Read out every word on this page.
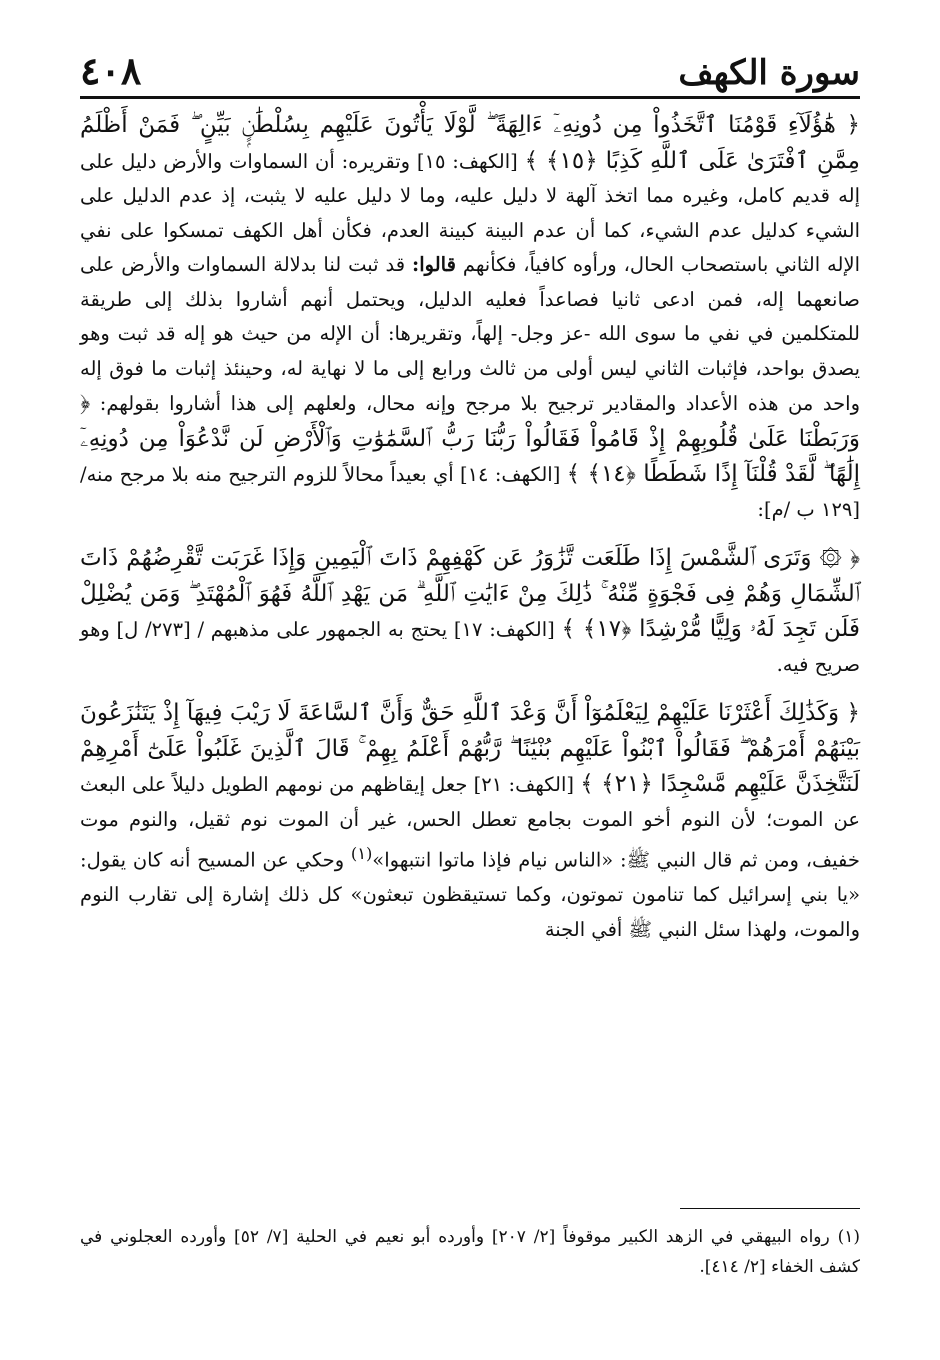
سورة الكهف
٤٠٨

﴿ هَٰؤُلَآءِ قَوْمُنَا ٱتَّخَذُواْ مِن دُونِهِۦٓ ءَالِهَةً ۖ لَّوْلَا يَأْتُونَ عَلَيْهِم بِسُلْطَٰنٍۭ بَيِّنٍ ۖ فَمَنْ أَظْلَمُ مِمَّنِ ٱفْتَرَىٰ عَلَى ٱللَّهِ كَذِبًا ﴿١٥﴾ ﴾ [الكهف: ١٥] وتقريره: أن السماوات والأرض دليل على إله قديم كامل، وغيره مما اتخذ آلهة لا دليل عليه، وما لا دليل عليه لا يثبت، إذ عدم الدليل على الشيء كدليل عدم الشيء، كما أن عدم البينة كبينة العدم، فكأن أهل الكهف تمسكوا على نفي الإله الثاني باستصحاب الحال، ورأوه كافياً، فكأنهم قالوا: قد ثبت لنا بدلالة السماوات والأرض على صانعهما إله، فمن ادعى ثانيا فصاعداً فعليه الدليل، ويحتمل أنهم أشاروا بذلك إلى طريقة للمتكلمين في نفي ما سوى الله -عز وجل- إلهاً، وتقريرها: أن الإله من حيث هو إله قد ثبت وهو يصدق بواحد، فإثبات الثاني ليس أولى من ثالث ورابع إلى ما لا نهاية له، وحينئذ إثبات ما فوق إله واحد من هذه الأعداد والمقادير ترجيح بلا مرجح وإنه محال، ولعلهم إلى هذا أشاروا بقولهم: ﴿ وَرَبَطْنَا عَلَىٰ قُلُوبِهِمْ إِذْ قَامُواْ فَقَالُواْ رَبُّنَا رَبُّ ٱلسَّمَٰوَٰتِ وَٱلْأَرْضِ لَن نَّدْعُوَاْ مِن دُونِهِۦٓ إِلَٰهًا ۖ لَّقَدْ قُلْنَآ إِذًا شَطَطًا ﴿١٤﴾ ﴾ [الكهف: ١٤] أي بعيداً محالاً للزوم الترجيح منه بلا مرجح منه/ [١٢٩ ب /م]:

﴿ ۞ وَتَرَى ٱلشَّمْسَ إِذَا طَلَعَت تَّزَٰوَرُ عَن كَهْفِهِمْ ذَاتَ ٱلْيَمِينِ وَإِذَا غَرَبَت تَّقْرِضُهُمْ ذَاتَ ٱلشِّمَالِ وَهُمْ فِى فَجْوَةٍ مِّنْهُ ۚ ذَٰلِكَ مِنْ ءَايَٰتِ ٱللَّهِ ۗ مَن يَهْدِ ٱللَّهُ فَهُوَ ٱلْمُهْتَدِ ۖ وَمَن يُضْلِلْ فَلَن تَجِدَ لَهُۥ وَلِيًّا مُّرْشِدًا ﴿١٧﴾ ﴾ [الكهف: ١٧] يحتج به الجمهور على مذهبهم / [٢٧٣/ ل] وهو صريح فيه.

﴿ وَكَذَٰلِكَ أَعْثَرْنَا عَلَيْهِمْ لِيَعْلَمُوٓاْ أَنَّ وَعْدَ ٱللَّهِ حَقٌّ وَأَنَّ ٱلسَّاعَةَ لَا رَيْبَ فِيهَآ إِذْ يَتَنَٰزَعُونَ بَيْنَهُمْ أَمْرَهُمْ ۖ فَقَالُواْ ٱبْنُواْ عَلَيْهِم بُنْيَٰنًا ۖ رَّبُّهُمْ أَعْلَمُ بِهِمْ ۚ قَالَ ٱلَّذِينَ غَلَبُواْ عَلَىٰٓ أَمْرِهِمْ لَنَتَّخِذَنَّ عَلَيْهِم مَّسْجِدًا ﴿٢١﴾ ﴾ [الكهف: ٢١] جعل إيقاظهم من نومهم الطويل دليلاً على البعث عن الموت؛ لأن النوم أخو الموت بجامع تعطل الحس، غير أن الموت نوم ثقيل، والنوم موت خفيف، ومن ثم قال النبي ﷺ: «الناس نيام فإذا ماتوا انتبهوا»$^{(١)}$ وحكي عن المسيح أنه كان يقول: «يا بني إسرائيل كما تنامون تموتون، وكما تستيقظون تبعثون» كل ذلك إشارة إلى تقارب النوم والموت، ولهذا سئل النبي ﷺ أفي الجنة

(١) رواه البيهقي في الزهد الكبير موقوفاً [٢/ ٢٠٧] وأورده أبو نعيم في الحلية [٧/ ٥٢] وأورده العجلوني في كشف الخفاء [٢/ ٤١٤].
